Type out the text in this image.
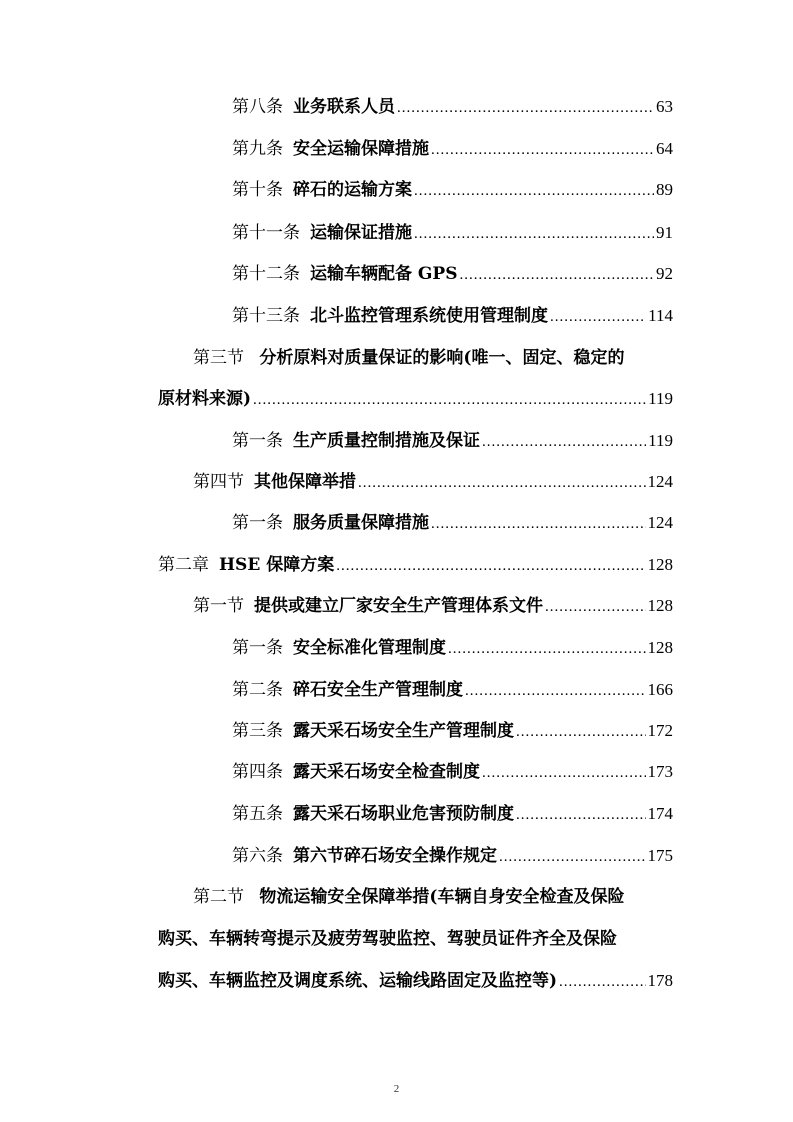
第八条 业务联系人员 .....	63
第九条 安全运输保障措施 .....	64
第十条 碎石的运输方案 .....	89
第十一条 运输保证措施 .....	91
第十二条 运输车辆配备 GPS .....	92
第十三条 北斗监控管理系统使用管理制度 .....	114
第三节 分析原料对质量保证的影响(唯一、固定、稳定的
原材料来源) .....	119
第一条 生产质量控制措施及保证 .....	119
第四节 其他保障举措 .....	124
第一条 服务质量保障措施 .....	124
第二章 HSE 保障方案 .....	128
第一节 提供或建立厂家安全生产管理体系文件 .....	128
第一条 安全标准化管理制度 .....	128
第二条 碎石安全生产管理制度 .....	166
第三条 露天采石场安全生产管理制度 .....	172
第四条 露天采石场安全检查制度 .....	173
第五条 露天采石场职业危害预防制度 .....	174
第六条 第六节碎石场安全操作规定 .....	175
第二节 物流运输安全保障举措(车辆自身安全检查及保险
购买、车辆转弯提示及疲劳驾驶监控、驾驶员证件齐全及保险
购买、车辆监控及调度系统、运输线路固定及监控等) .....	178
2
